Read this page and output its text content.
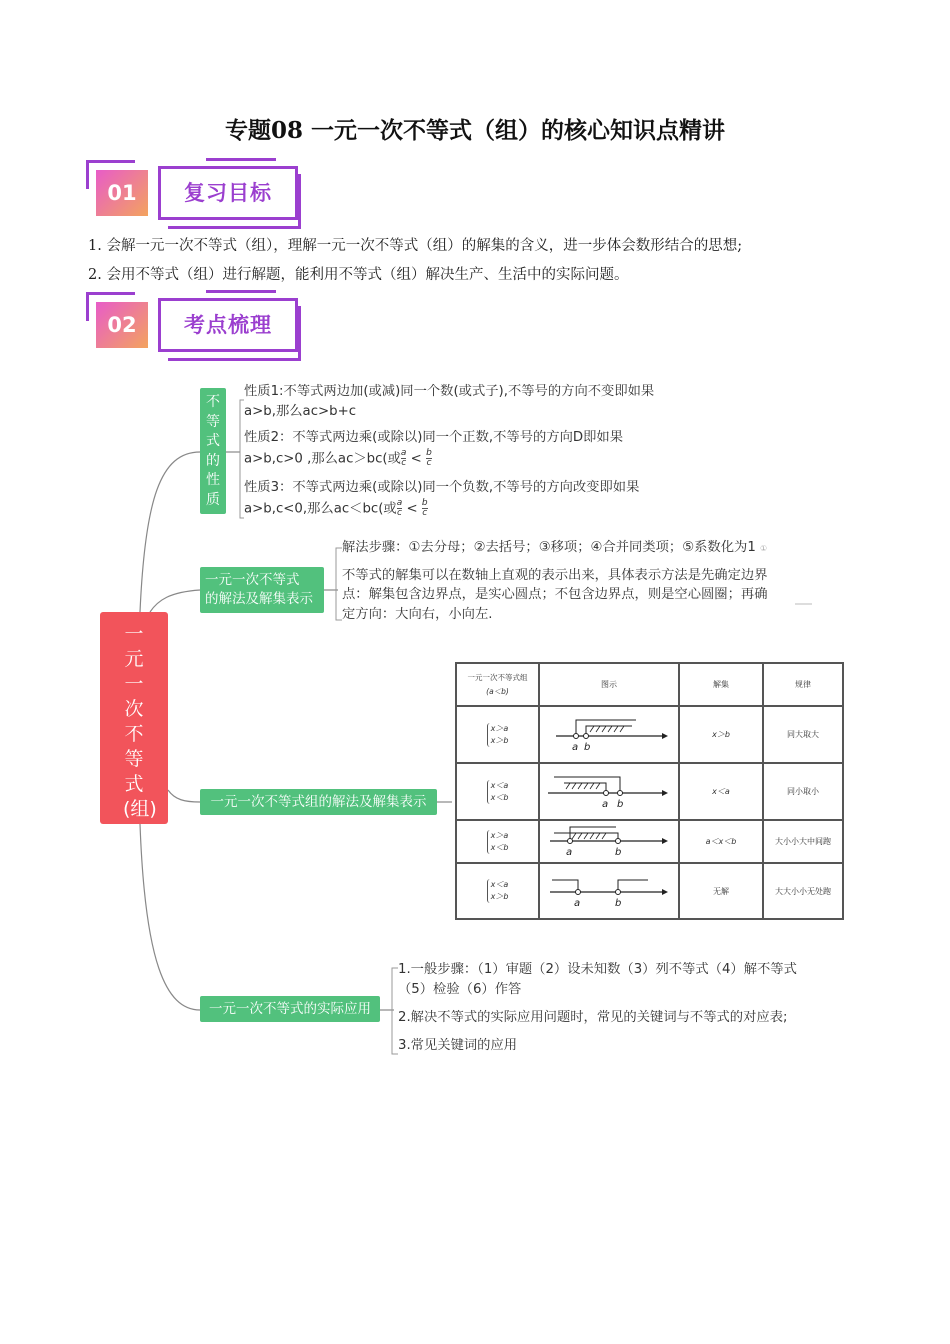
专题08 一元一次不等式（组）的核心知识点精讲
01	复习目标
1. 会解一元一次不等式（组），理解一元一次不等式（组）的解集的含义，进一步体会数形结合的思想;
2. 会用不等式（组）进行解题，能利用不等式（组）解决生产、生活中的实际问题。
02	考点梳理
一元一次不等式(组)
不等式的性质
性质1:不等式两边加(或减)同一个数(或式子),不等号的方向不变即如果
a>b,那么ac>b+c
性质2：不等式两边乘(或除以)同一个正数,不等号的方向D即如果
a>b,c>0 ,那么ac＞bc(或 $\frac{a}{c} < \frac{b}{c}$
性质3：不等式两边乘(或除以)同一个负数,不等号的方向改变即如果
a>b,c<0,那么ac＜bc(或 $\frac{a}{c} < \frac{b}{c}$
一元一次不等式
的解法及解集表示
解法步骤：①去分母；②去括号；③移项；④合并同类项；⑤系数化为1 ①
不等式的解集可以在数轴上直观的表示出来，具体表示方法是先确定边界
点：解集包含边界点，是实心圆点；不包含边界点，则是空心圆圈；再确
定方向：大向右，小向左.
一元一次不等式组的解法及解集表示
一元一次不等式组
(a＜b)	图示	解集	规律
x＞a
x＞b	a b	x＞b	同大取大
x＜a
x＜b	a b	x＜a	同小取小
x＞a
x＜b	a b	a＜x＜b	大小小大中间跑
x＜a
x＞b	a b	无解	大大小小无处跑
一元一次不等式的实际应用
1.一般步骤：（1）审题（2）设未知数（3）列不等式（4）解不等式
（5）检验（6）作答
2.解决不等式的实际应用问题时，常见的关键词与不等式的对应表;
3.常见关键词的应用
